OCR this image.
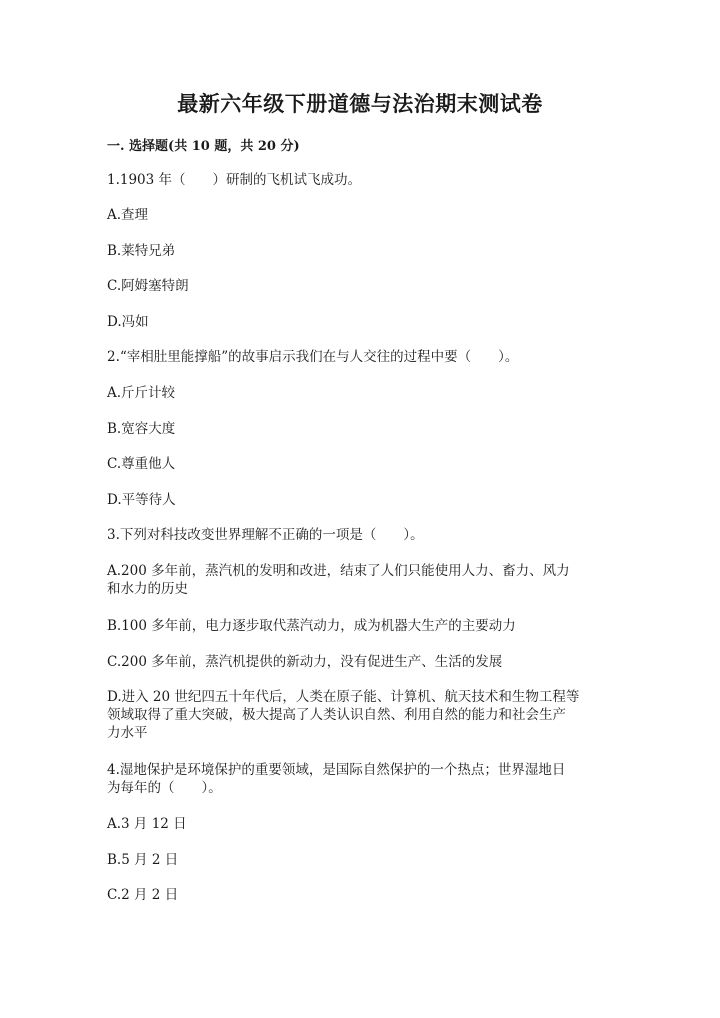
最新六年级下册道德与法治期末测试卷
一. 选择题(共 10 题，共 20 分)
1.1903 年（　　）研制的飞机试飞成功。
A.查理
B.莱特兄弟
C.阿姆塞特朗
D.冯如
2.“宰相肚里能撑船”的故事启示我们在与人交往的过程中要（　　）。
A.斤斤计较
B.宽容大度
C.尊重他人
D.平等待人
3.下列对科技改变世界理解不正确的一项是（　　）。
A.200 多年前，蒸汽机的发明和改进，结束了人们只能使用人力、畜力、风力
和水力的历史
B.100 多年前，电力逐步取代蒸汽动力，成为机器大生产的主要动力
C.200 多年前，蒸汽机提供的新动力，没有促进生产、生活的发展
D.进入 20 世纪四五十年代后，人类在原子能、计算机、航天技术和生物工程等
领域取得了重大突破，极大提高了人类认识自然、利用自然的能力和社会生产
力水平
4.湿地保护是环境保护的重要领域，是国际自然保护的一个热点；世界湿地日
为每年的（　　）。
A.3 月 12 日
B.5 月 2 日
C.2 月 2 日
